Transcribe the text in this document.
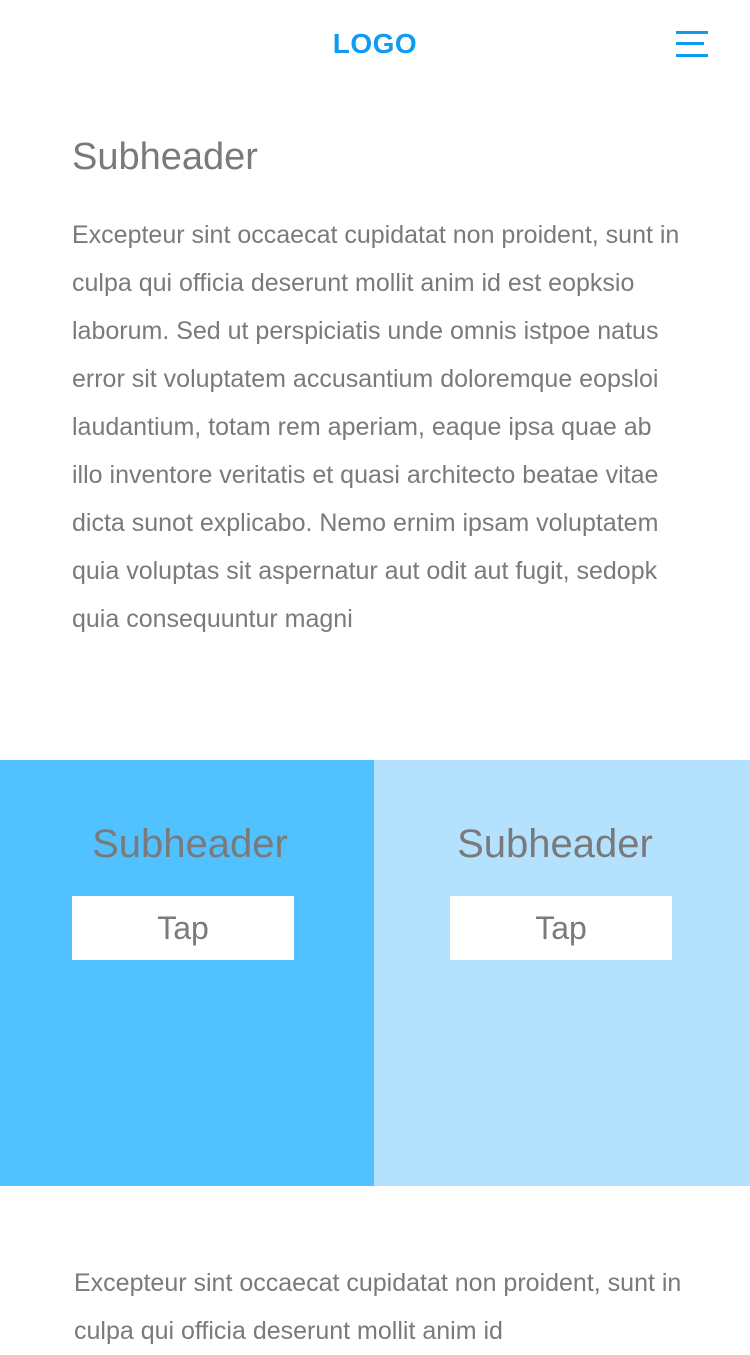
LOGO
Subheader

Excepteur sint occaecat cupidatat non proident, sunt in culpa qui officia deserunt mollit anim id est eopksio laborum. Sed ut perspiciatis unde omnis istpoe natus error sit voluptatem accusantium doloremque eopsloi laudantium, totam rem aperiam, eaque ipsa quae ab illo inventore veritatis et quasi architecto beatae vitae dicta sunot explicabo. Nemo ernim ipsam voluptatem quia voluptas sit aspernatur aut odit aut fugit, sedopk quia consequuntur magni

Subheader
Tap
Subheader
Tap

Excepteur sint occaecat cupidatat non proident, sunt in culpa qui officia deserunt mollit anim id
